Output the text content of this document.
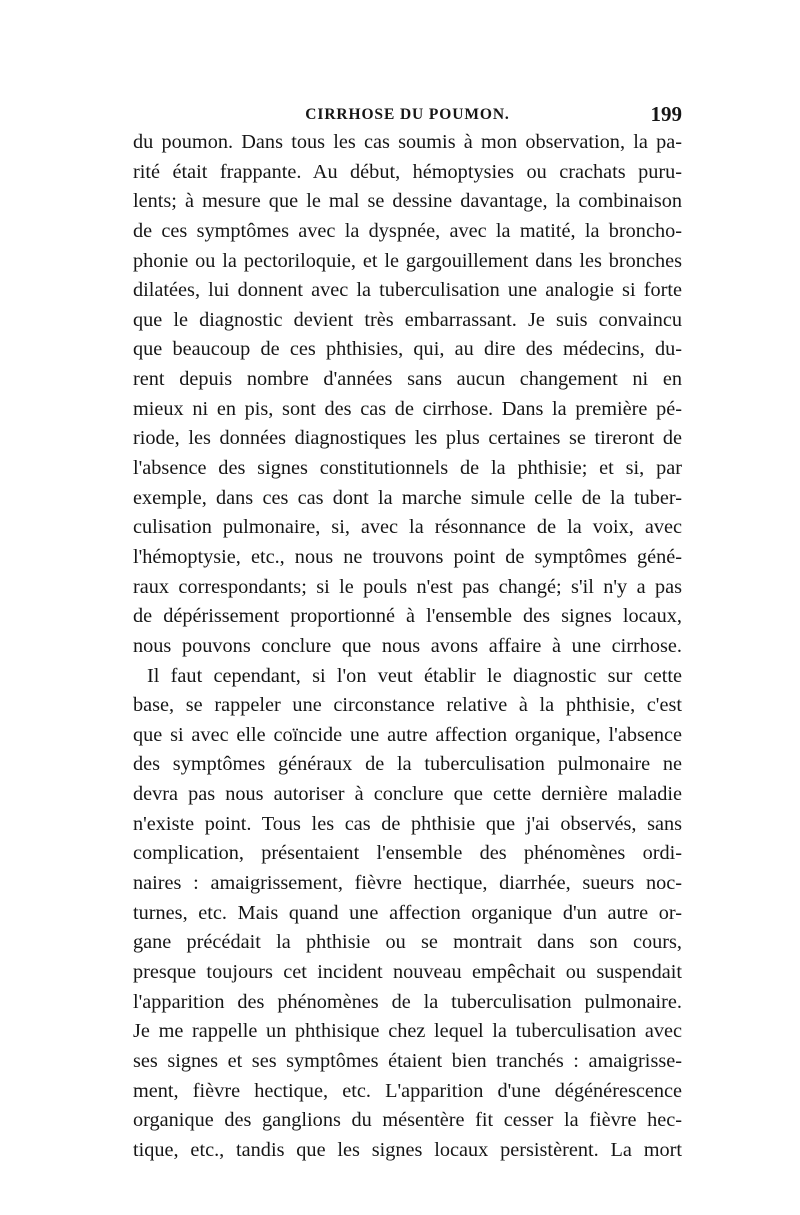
CIRRHOSE DU POUMON.	199
du poumon. Dans tous les cas soumis à mon observation, la pa-
rité était frappante. Au début, hémoptysies ou crachats puru-
lents; à mesure que le mal se dessine davantage, la combinaison
de ces symptômes avec la dyspnée, avec la matité, la broncho-
phonie ou la pectoriloquie, et le gargouillement dans les bronches
dilatées, lui donnent avec la tuberculisation une analogie si forte
que le diagnostic devient très embarrassant. Je suis convaincu
que beaucoup de ces phthisies, qui, au dire des médecins, du-
rent depuis nombre d'années sans aucun changement ni en
mieux ni en pis, sont des cas de cirrhose. Dans la première pé-
riode, les données diagnostiques les plus certaines se tireront de
l'absence des signes constitutionnels de la phthisie; et si, par
exemple, dans ces cas dont la marche simule celle de la tuber-
culisation pulmonaire, si, avec la résonnance de la voix, avec
l'hémoptysie, etc., nous ne trouvons point de symptômes géné-
raux correspondants; si le pouls n'est pas changé; s'il n'y a pas
de dépérissement proportionné à l'ensemble des signes locaux,
nous pouvons conclure que nous avons affaire à une cirrhose.
Il faut cependant, si l'on veut établir le diagnostic sur cette
base, se rappeler une circonstance relative à la phthisie, c'est
que si avec elle coïncide une autre affection organique, l'absence
des symptômes généraux de la tuberculisation pulmonaire ne
devra pas nous autoriser à conclure que cette dernière maladie
n'existe point. Tous les cas de phthisie que j'ai observés, sans
complication, présentaient l'ensemble des phénomènes ordi-
naires : amaigrissement, fièvre hectique, diarrhée, sueurs noc-
turnes, etc. Mais quand une affection organique d'un autre or-
gane précédait la phthisie ou se montrait dans son cours,
presque toujours cet incident nouveau empêchait ou suspendait
l'apparition des phénomènes de la tuberculisation pulmonaire.
Je me rappelle un phthisique chez lequel la tuberculisation avec
ses signes et ses symptômes étaient bien tranchés : amaigrisse-
ment, fièvre hectique, etc. L'apparition d'une dégénérescence
organique des ganglions du mésentère fit cesser la fièvre hec-
tique, etc., tandis que les signes locaux persistèrent. La mort
